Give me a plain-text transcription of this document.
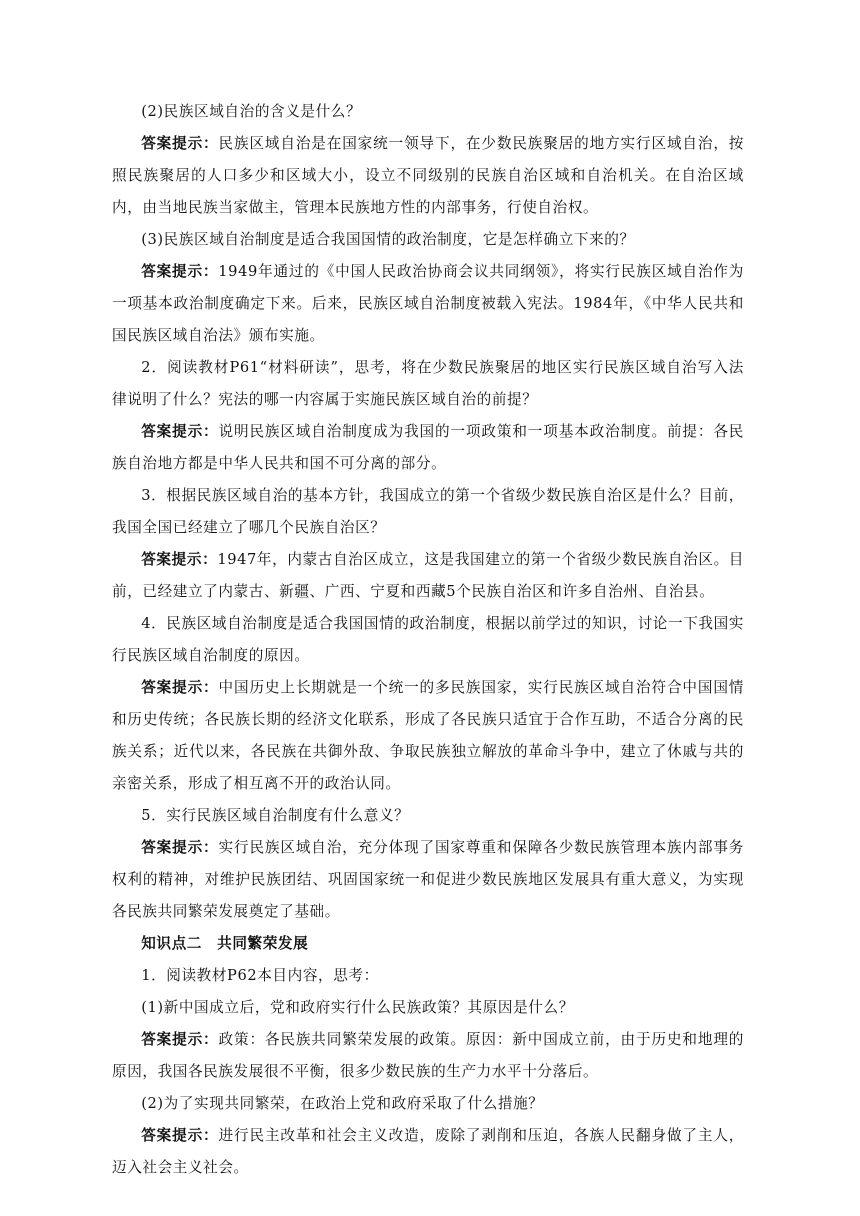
(2)民族区域自治的含义是什么？

答案提示：民族区域自治是在国家统一领导下，在少数民族聚居的地方实行区域自治，按照民族聚居的人口多少和区域大小，设立不同级别的民族自治区域和自治机关。在自治区域内，由当地民族当家做主，管理本民族地方性的内部事务，行使自治权。

(3)民族区域自治制度是适合我国国情的政治制度，它是怎样确立下来的？

答案提示：1949年通过的《中国人民政治协商会议共同纲领》，将实行民族区域自治作为一项基本政治制度确定下来。后来，民族区域自治制度被载入宪法。1984年，《中华人民共和国民族区域自治法》颁布实施。

2．阅读教材P61“材料研读”，思考，将在少数民族聚居的地区实行民族区域自治写入法律说明了什么？宪法的哪一内容属于实施民族区域自治的前提？

答案提示：说明民族区域自治制度成为我国的一项政策和一项基本政治制度。前提：各民族自治地方都是中华人民共和国不可分离的部分。

3．根据民族区域自治的基本方针，我国成立的第一个省级少数民族自治区是什么？目前，我国全国已经建立了哪几个民族自治区？

答案提示：1947年，内蒙古自治区成立，这是我国建立的第一个省级少数民族自治区。目前，已经建立了内蒙古、新疆、广西、宁夏和西藏5个民族自治区和许多自治州、自治县。

4．民族区域自治制度是适合我国国情的政治制度，根据以前学过的知识，讨论一下我国实行民族区域自治制度的原因。

答案提示：中国历史上长期就是一个统一的多民族国家，实行民族区域自治符合中国国情和历史传统；各民族长期的经济文化联系，形成了各民族只适宜于合作互助，不适合分离的民族关系；近代以来，各民族在共御外敌、争取民族独立解放的革命斗争中，建立了休戚与共的亲密关系，形成了相互离不开的政治认同。

5．实行民族区域自治制度有什么意义？

答案提示：实行民族区域自治，充分体现了国家尊重和保障各少数民族管理本族内部事务权利的精神，对维护民族团结、巩固国家统一和促进少数民族地区发展具有重大意义，为实现各民族共同繁荣发展奠定了基础。

知识点二　共同繁荣发展

1．阅读教材P62本目内容，思考：

(1)新中国成立后，党和政府实行什么民族政策？其原因是什么？

答案提示：政策：各民族共同繁荣发展的政策。原因：新中国成立前，由于历史和地理的原因，我国各民族发展很不平衡，很多少数民族的生产力水平十分落后。

(2)为了实现共同繁荣，在政治上党和政府采取了什么措施？

答案提示：进行民主改革和社会主义改造，废除了剥削和压迫，各族人民翻身做了主人，迈入社会主义社会。
